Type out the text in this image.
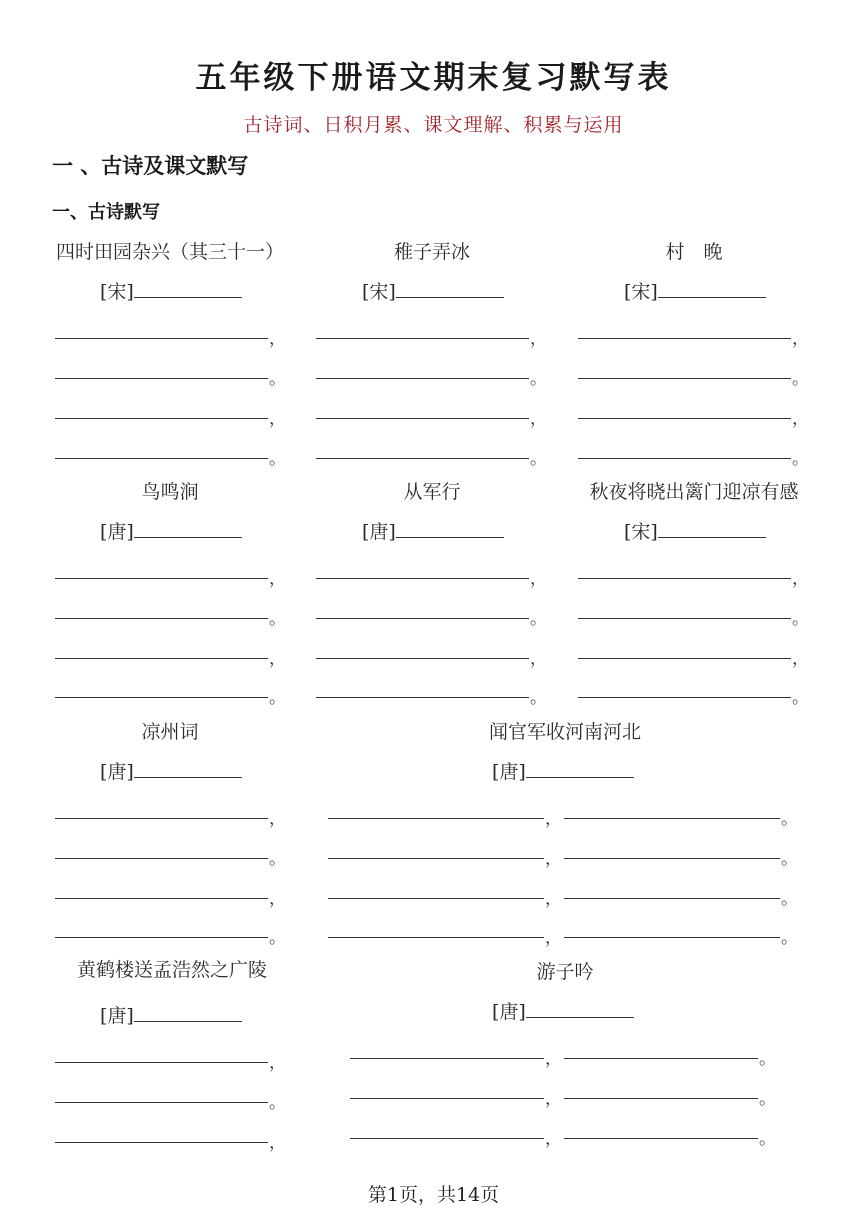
五年级下册语文期末复习默写表
古诗词、日积月累、课文理解、积累与运用
一 、古诗及课文默写
一、古诗默写
四时田园杂兴（其三十一）
[宋]
，
。
，
。
稚子弄冰
[宋]
，
。
，
。
村　晚
[宋]
，
。
，
。
鸟鸣涧
[唐]
，
。
，
。
从军行
[唐]
，
。
，
。
秋夜将晓出篱门迎凉有感
[宋]
，
。
，
。
凉州词
[唐]
，
。
，
。
闻官军收河南河北
[唐]
，	。
，	。
，	。
，	。
黄鹤楼送孟浩然之广陵
[唐]
，
。
，
游子吟
[唐]
，	。
，	。
，	。
第1页，共14页
